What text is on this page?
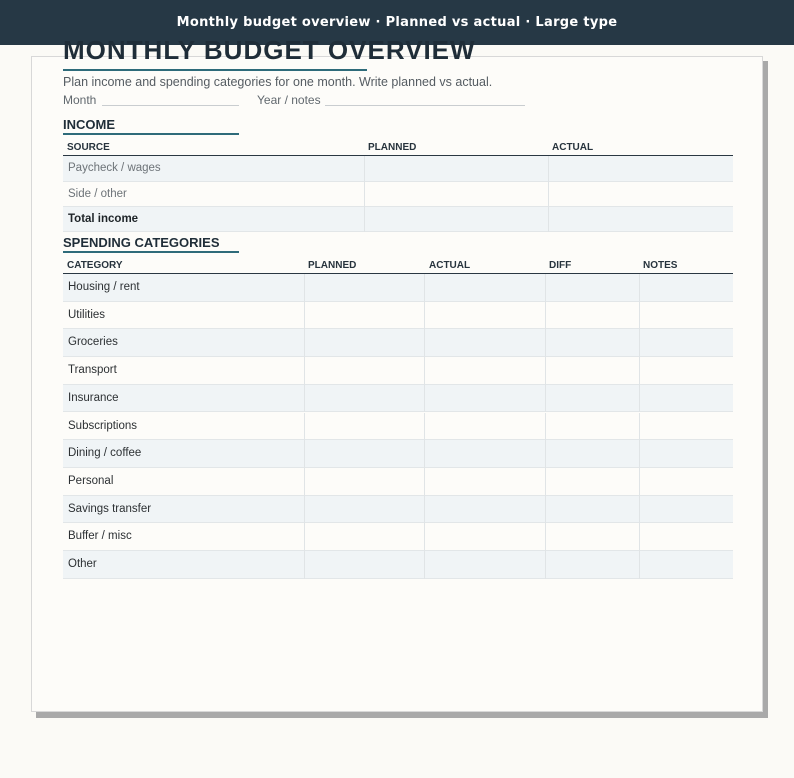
Monthly budget overview · Planned vs actual · Large type
MONTHLY BUDGET OVERVIEW
Plan income and spending categories for one month. Write planned vs actual.
Month	Year / notes
INCOME
SOURCE	PLANNED	ACTUAL
Paycheck / wages
Side / other
Total income
SPENDING CATEGORIES
CATEGORY	PLANNED	ACTUAL	DIFF	NOTES
Housing / rent
Utilities
Groceries
Transport
Insurance
Subscriptions
Dining / coffee
Personal
Savings transfer
Buffer / misc
Other
